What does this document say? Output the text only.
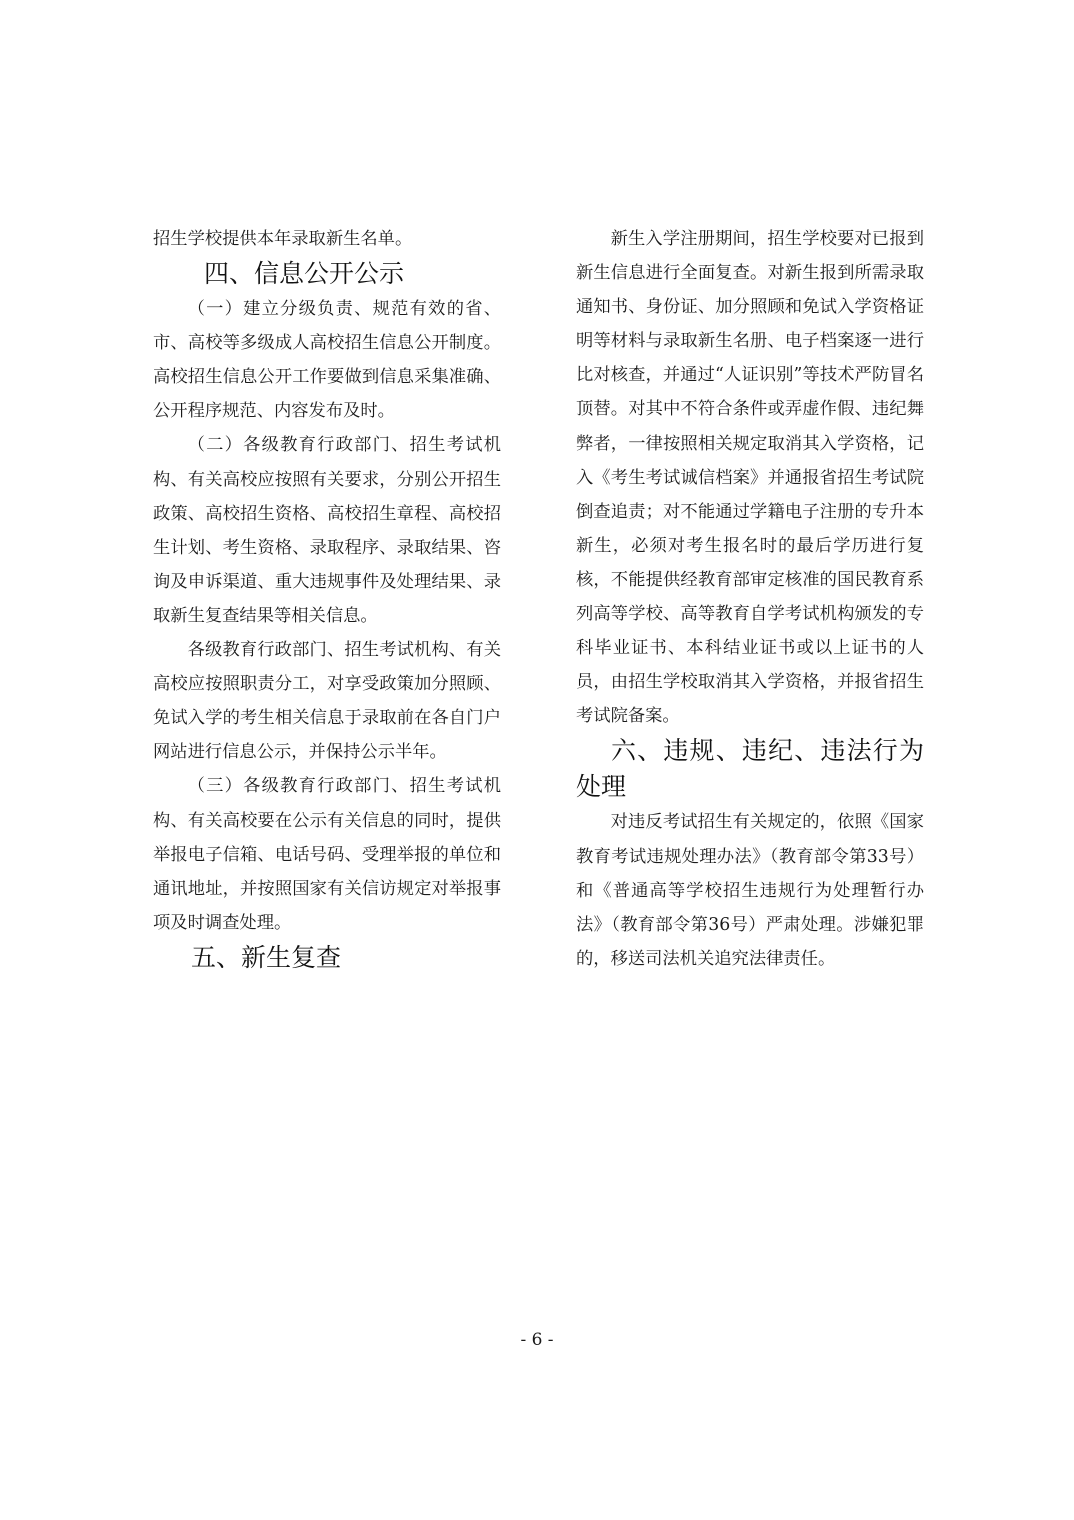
招生学校提供本年录取新生名单。

四、信息公开公示

（一）建立分级负责、规范有效的省、市、高校等多级成人高校招生信息公开制度。高校招生信息公开工作要做到信息采集准确、公开程序规范、内容发布及时。

（二）各级教育行政部门、招生考试机构、有关高校应按照有关要求，分别公开招生政策、高校招生资格、高校招生章程、高校招生计划、考生资格、录取程序、录取结果、咨询及申诉渠道、重大违规事件及处理结果、录取新生复查结果等相关信息。

各级教育行政部门、招生考试机构、有关高校应按照职责分工，对享受政策加分照顾、免试入学的考生相关信息于录取前在各自门户网站进行信息公示，并保持公示半年。

（三）各级教育行政部门、招生考试机构、有关高校要在公示有关信息的同时，提供举报电子信箱、电话号码、受理举报的单位和通讯地址，并按照国家有关信访规定对举报事项及时调查处理。

五、新生复查

新生入学注册期间，招生学校要对已报到新生信息进行全面复查。对新生报到所需录取通知书、身份证、加分照顾和免试入学资格证明等材料与录取新生名册、电子档案逐一进行比对核查，并通过“人证识别”等技术严防冒名顶替。对其中不符合条件或弄虚作假、违纪舞弊者，一律按照相关规定取消其入学资格，记入《考生考试诚信档案》并通报省招生考试院倒查追责；对不能通过学籍电子注册的专升本新生，必须对考生报名时的最后学历进行复核，不能提供经教育部审定核准的国民教育系列高等学校、高等教育自学考试机构颁发的专科毕业证书、本科结业证书或以上证书的人员，由招生学校取消其入学资格，并报省招生考试院备案。

六、违规、违纪、违法行为处理

对违反考试招生有关规定的，依照《国家教育考试违规处理办法》（教育部令第33号）和《普通高等学校招生违规行为处理暂行办法》（教育部令第36号）严肃处理。涉嫌犯罪的，移送司法机关追究法律责任。

- 6 -
